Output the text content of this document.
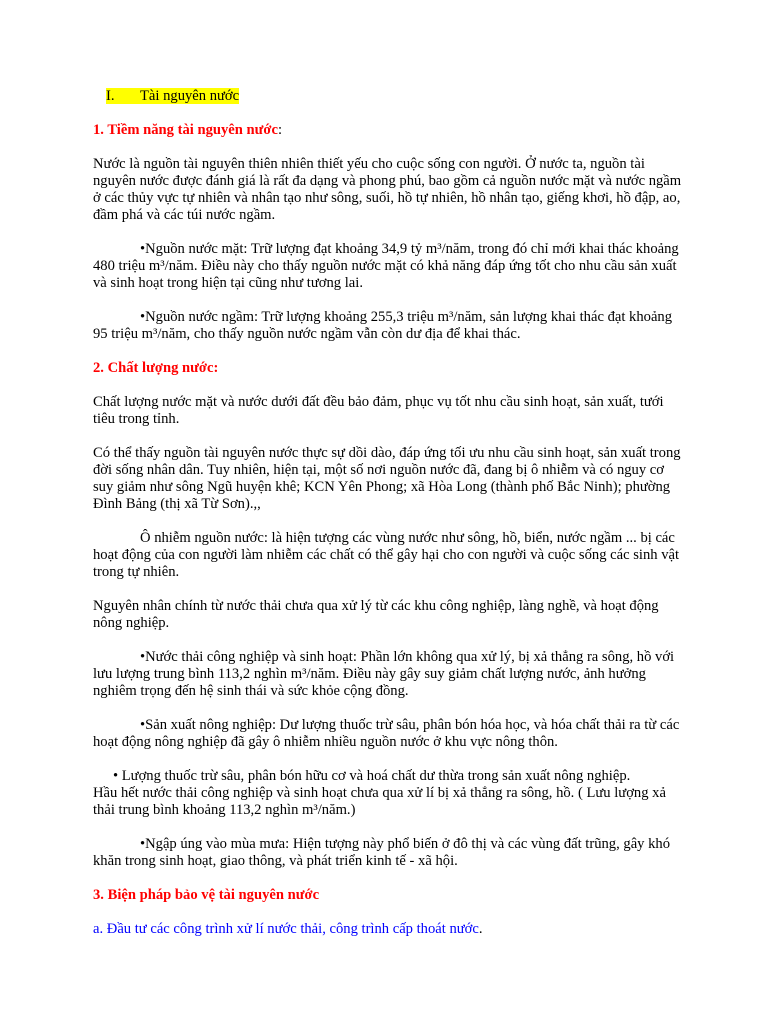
I. Tài nguyên nước
1. Tiềm năng tài nguyên nước:

Nước là nguồn tài nguyên thiên nhiên thiết yếu cho cuộc sống con người. Ở nước ta, nguồn tài nguyên nước được đánh giá là rất đa dạng và phong phú, bao gồm cả nguồn nước mặt và nước ngầm ở các thủy vực tự nhiên và nhân tạo như sông, suối, hồ tự nhiên, hồ nhân tạo, giếng khơi, hồ đập, ao, đầm phá và các túi nước ngầm.

•Nguồn nước mặt: Trữ lượng đạt khoảng 34,9 tỷ m³/năm, trong đó chỉ mới khai thác khoảng 480 triệu m³/năm. Điều này cho thấy nguồn nước mặt có khả năng đáp ứng tốt cho nhu cầu sản xuất và sinh hoạt trong hiện tại cũng như tương lai.

•Nguồn nước ngầm: Trữ lượng khoảng 255,3 triệu m³/năm, sản lượng khai thác đạt khoảng 95 triệu m³/năm, cho thấy nguồn nước ngầm vẫn còn dư địa để khai thác.

2. Chất lượng nước:

Chất lượng nước mặt và nước dưới đất đều bảo đảm, phục vụ tốt nhu cầu sinh hoạt, sản xuất, tưới tiêu trong tỉnh.

Có thể thấy nguồn tài nguyên nước thực sự dồi dào, đáp ứng tối ưu nhu cầu sinh hoạt, sản xuất trong đời sống nhân dân. Tuy nhiên, hiện tại, một số nơi nguồn nước đã, đang bị ô nhiễm và có nguy cơ suy giảm như sông Ngũ huyện khê; KCN Yên Phong; xã Hòa Long (thành phố Bắc Ninh); phường Đình Bảng (thị xã Từ Sơn).,,

Ô nhiễm nguồn nước: là hiện tượng các vùng nước như sông, hồ, biển, nước ngầm ... bị các hoạt động của con người làm nhiễm các chất có thể gây hại cho con người và cuộc sống các sinh vật trong tự nhiên.

Nguyên nhân chính từ nước thải chưa qua xử lý từ các khu công nghiệp, làng nghề, và hoạt động nông nghiệp.

•Nước thải công nghiệp và sinh hoạt: Phần lớn không qua xử lý, bị xả thẳng ra sông, hồ với lưu lượng trung bình 113,2 nghìn m³/năm. Điều này gây suy giảm chất lượng nước, ảnh hưởng nghiêm trọng đến hệ sinh thái và sức khỏe cộng đồng.

•Sản xuất nông nghiệp: Dư lượng thuốc trừ sâu, phân bón hóa học, và hóa chất thải ra từ các hoạt động nông nghiệp đã gây ô nhiễm nhiều nguồn nước ở khu vực nông thôn.

• Lượng thuốc trừ sâu, phân bón hữu cơ và hoá chất dư thừa trong sản xuất nông nghiệp.
Hầu hết nước thải công nghiệp và sinh hoạt chưa qua xử lí bị xả thẳng ra sông, hồ. ( Lưu lượng xả thải trung bình khoảng 113,2 nghìn m³/năm.)

•Ngập úng vào mùa mưa: Hiện tượng này phổ biến ở đô thị và các vùng đất trũng, gây khó khăn trong sinh hoạt, giao thông, và phát triển kinh tế - xã hội.

3. Biện pháp bảo vệ tài nguyên nước

a. Đầu tư các công trình xử lí nước thải, công trình cấp thoát nước.
